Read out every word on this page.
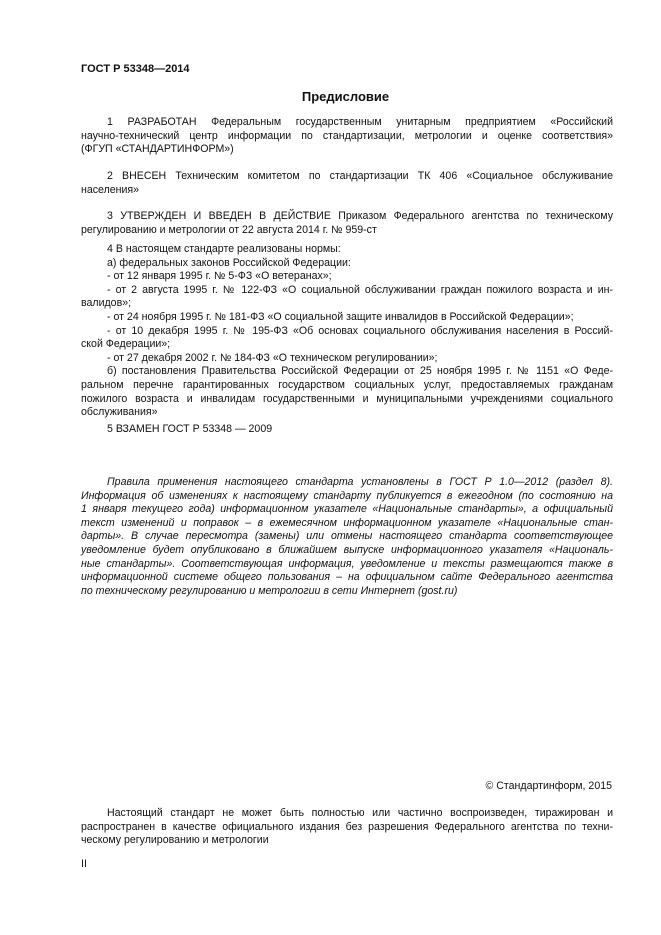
ГОСТ Р 53348—2014
Предисловие

1 РАЗРАБОТАН Федеральным государственным унитарным предприятием «Российский

научно-технический центр информации по стандартизации, метрологии и оценке соответствия»

(ФГУП «СТАНДАРТИНФОРМ»)

2 ВНЕСЕН Техническим комитетом по стандартизации ТК 406 «Социальное обслуживание

населения»

3 УТВЕРЖДЕН И ВВЕДЕН В ДЕЙСТВИЕ Приказом Федерального агентства по техническому

регулированию и метрологии от 22 августа 2014 г. № 959-ст

4 В настоящем стандарте реализованы нормы:

а) федеральных законов Российской Федерации:

- от 12 января 1995 г. № 5-ФЗ «О ветеранах»;

- от 2 августа 1995 г. № 122-ФЗ «О социальной обслуживании граждан пожилого возраста и ин-

валидов»;

- от 24 ноября 1995 г. № 181-ФЗ «О социальной защите инвалидов в Российской Федерации»;

- от 10 декабря 1995 г. № 195-ФЗ «Об основах социального обслуживания населения в Россий-

ской Федерации»;

- от 27 декабря 2002 г. № 184-ФЗ «О техническом регулировании»;

б) постановления Правительства Российской Федерации от 25 ноября 1995 г. № 1151 «О Феде-

ральном перечне гарантированных государством социальных услуг, предоставляемых гражданам

пожилого возраста и инвалидам государственными и муниципальными учреждениями социального

обслуживания»

5 ВЗАМЕН ГОСТ Р 53348 — 2009

Правила применения настоящего стандарта установлены в ГОСТ Р 1.0—2012 (раздел 8).

Информация об изменениях к настоящему стандарту публикуется в ежегодном (по состоянию на

1 января текущего года) информационном указателе «Национальные стандарты», а официальный

текст изменений и поправок – в ежемесячном информационном указателе «Национальные стан-

дарты». В случае пересмотра (замены) или отмены настоящего стандарта соответствующее

уведомление будет опубликовано в ближайшем выпуске информационного указателя «Националь-

ные стандарты». Соответствующая информация, уведомление и тексты размещаются также в

информационной системе общего пользования – на официальном сайте Федерального агентства

по техническому регулированию и метрологии в сети Интернет (gost.ru)

© Стандартинформ, 2015

Настоящий стандарт не может быть полностью или частично воспроизведен, тиражирован и

распространен в качестве официального издания без разрешения Федерального агентства по техни-

ческому регулированию и метрологии

II
